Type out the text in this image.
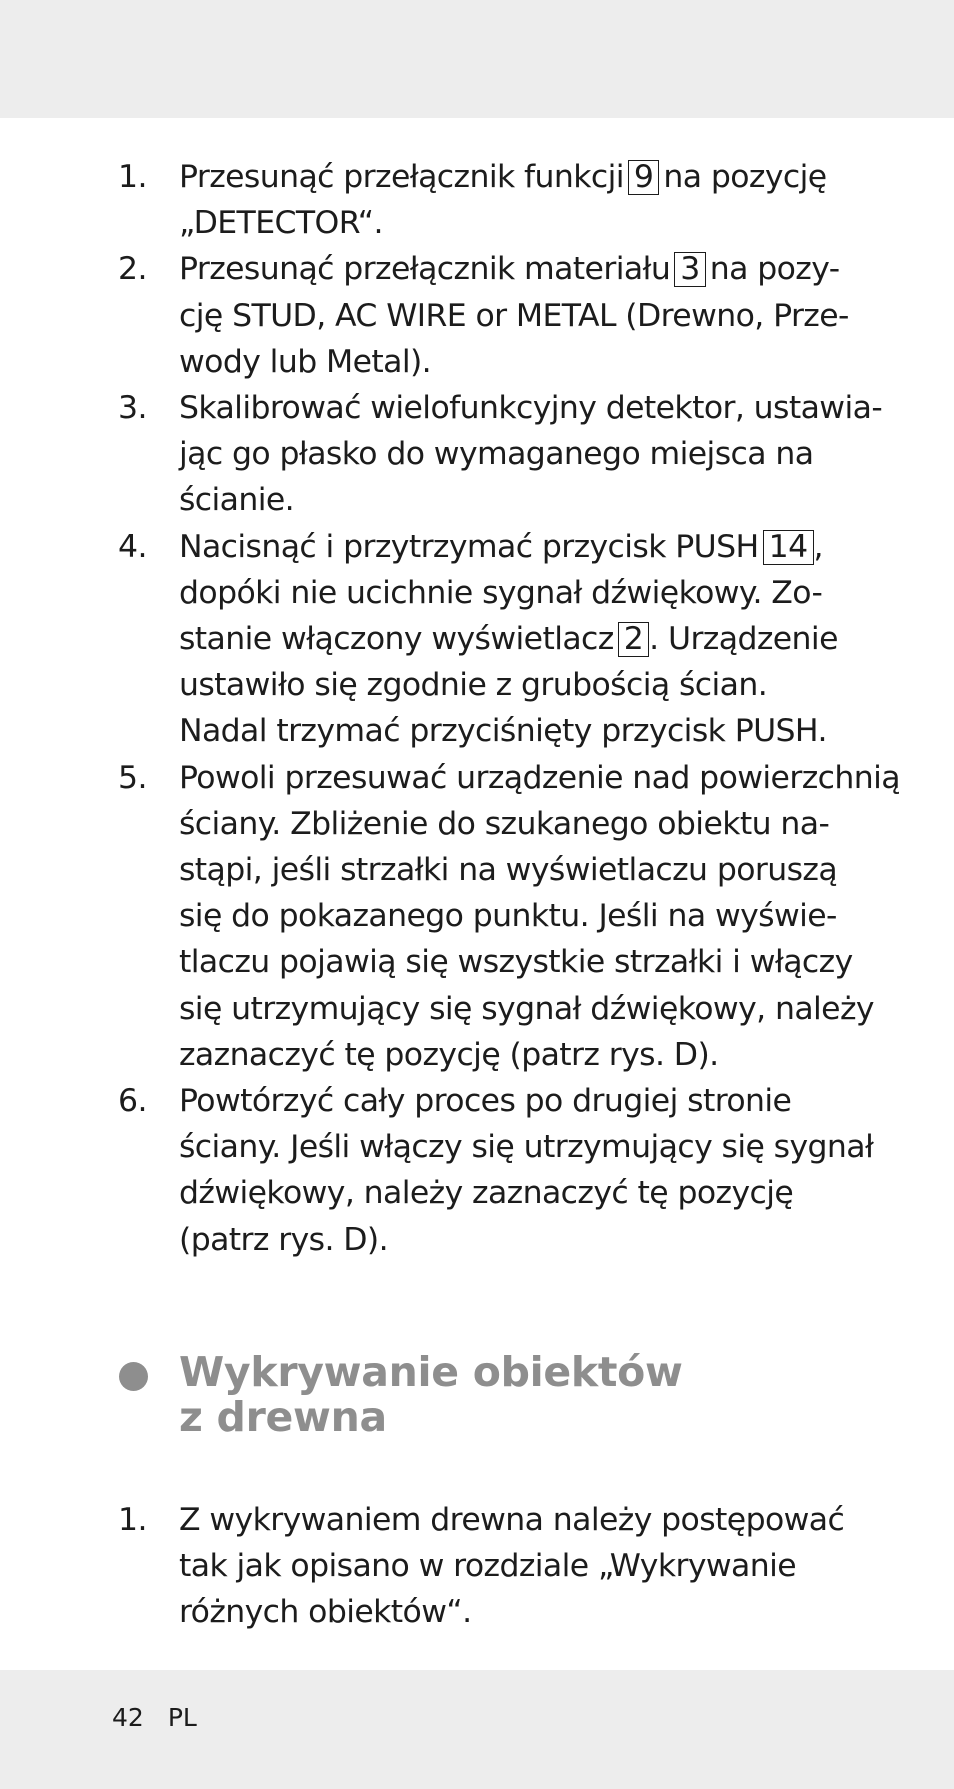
1. Przesunąć przełącznik funkcji 9 na pozycję
„DETECTOR“.
2. Przesunąć przełącznik materiału 3 na pozy-
cję STUD, AC WIRE or METAL (Drewno, Prze-
wody lub Metal).
3. Skalibrować wielofunkcyjny detektor, ustawia-
jąc go płasko do wymaganego miejsca na
ścianie.
4. Nacisnąć i przytrzymać przycisk PUSH 14 ,
dopóki nie ucichnie sygnał dźwiękowy. Zo-
stanie włączony wyświetlacz 2 . Urządzenie
ustawiło się zgodnie z grubością ścian.
Nadal trzymać przyciśnięty przycisk PUSH.
5. Powoli przesuwać urządzenie nad powierzchnią
ściany. Zbliżenie do szukanego obiektu na-
stąpi, jeśli strzałki na wyświetlaczu poruszą
się do pokazanego punktu. Jeśli na wyświe-
tlaczu pojawią się wszystkie strzałki i włączy
się utrzymujący się sygnał dźwiękowy, należy
zaznaczyć tę pozycję (patrz rys. D).
6. Powtórzyć cały proces po drugiej stronie
ściany. Jeśli włączy się utrzymujący się sygnał
dźwiękowy, należy zaznaczyć tę pozycję
(patrz rys. D).
Wykrywanie obiektów
z drewna
1. Z wykrywaniem drewna należy postępować
tak jak opisano w rozdziale „Wykrywanie
różnych obiektów“.
42 PL
